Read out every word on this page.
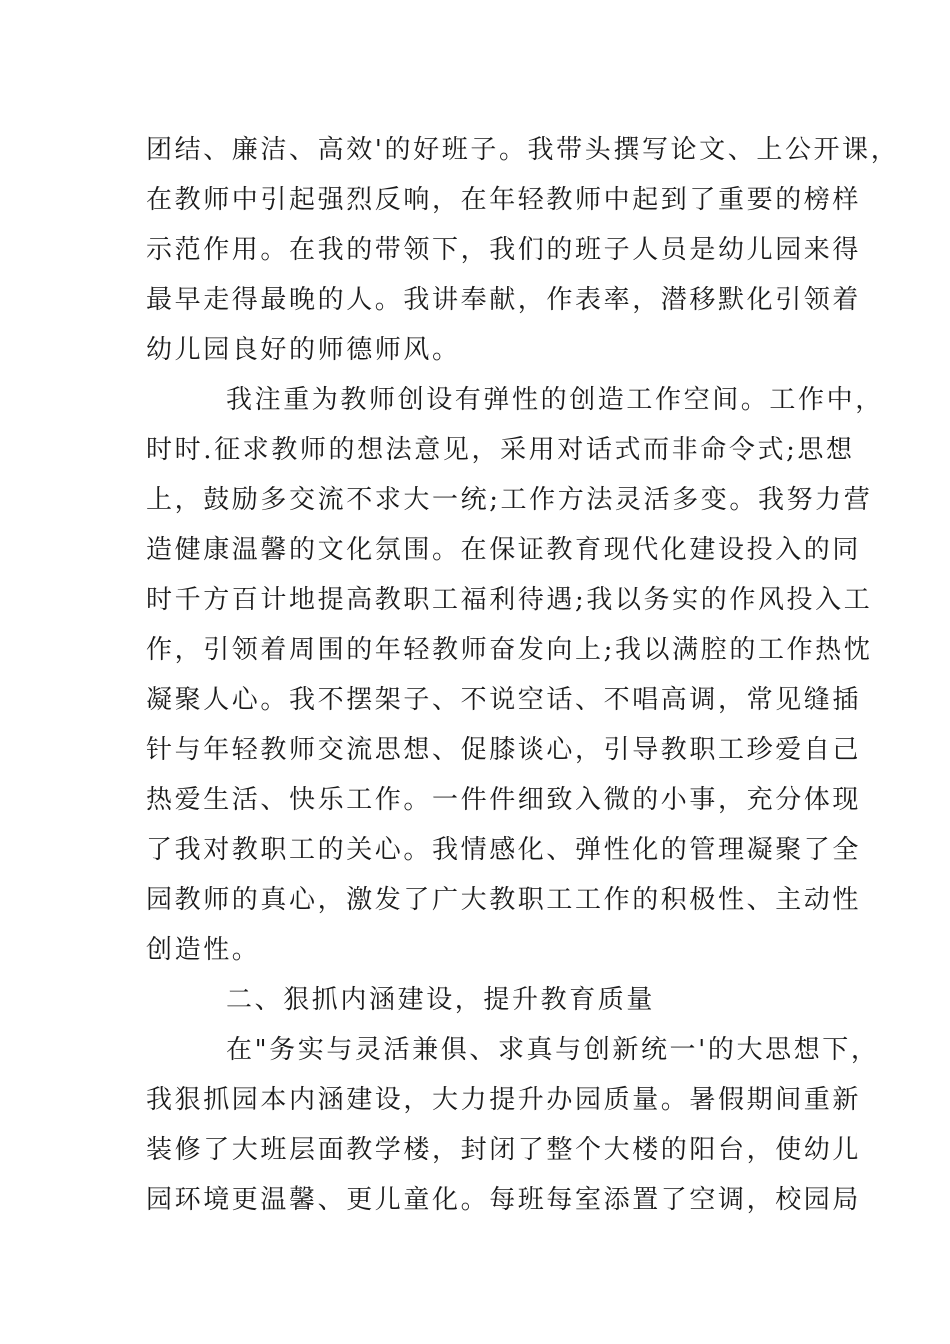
团结、廉洁、高效'的好班子。我带头撰写论文、上公开课，
在教师中引起强烈反响，在年轻教师中起到了重要的榜样
示范作用。在我的带领下，我们的班子人员是幼儿园来得
最早走得最晚的人。我讲奉献，作表率，潜移默化引领着
幼儿园良好的师德师风。
我注重为教师创设有弹性的创造工作空间。工作中，
时时.征求教师的想法意见，采用对话式而非命令式;思想
上，鼓励多交流不求大一统;工作方法灵活多变。我努力营
造健康温馨的文化氛围。在保证教育现代化建设投入的同
时千方百计地提高教职工福利待遇;我以务实的作风投入工
作，引领着周围的年轻教师奋发向上;我以满腔的工作热忱
凝聚人心。我不摆架子、不说空话、不唱高调，常见缝插
针与年轻教师交流思想、促膝谈心，引导教职工珍爱自己
热爱生活、快乐工作。一件件细致入微的小事，充分体现
了我对教职工的关心。我情感化、弹性化的管理凝聚了全
园教师的真心，激发了广大教职工工作的积极性、主动性
创造性。
二、狠抓内涵建设，提升教育质量
在"务实与灵活兼俱、求真与创新统一'的大思想下，
我狠抓园本内涵建设，大力提升办园质量。暑假期间重新
装修了大班层面教学楼，封闭了整个大楼的阳台，使幼儿
园环境更温馨、更儿童化。每班每室添置了空调，校园局
